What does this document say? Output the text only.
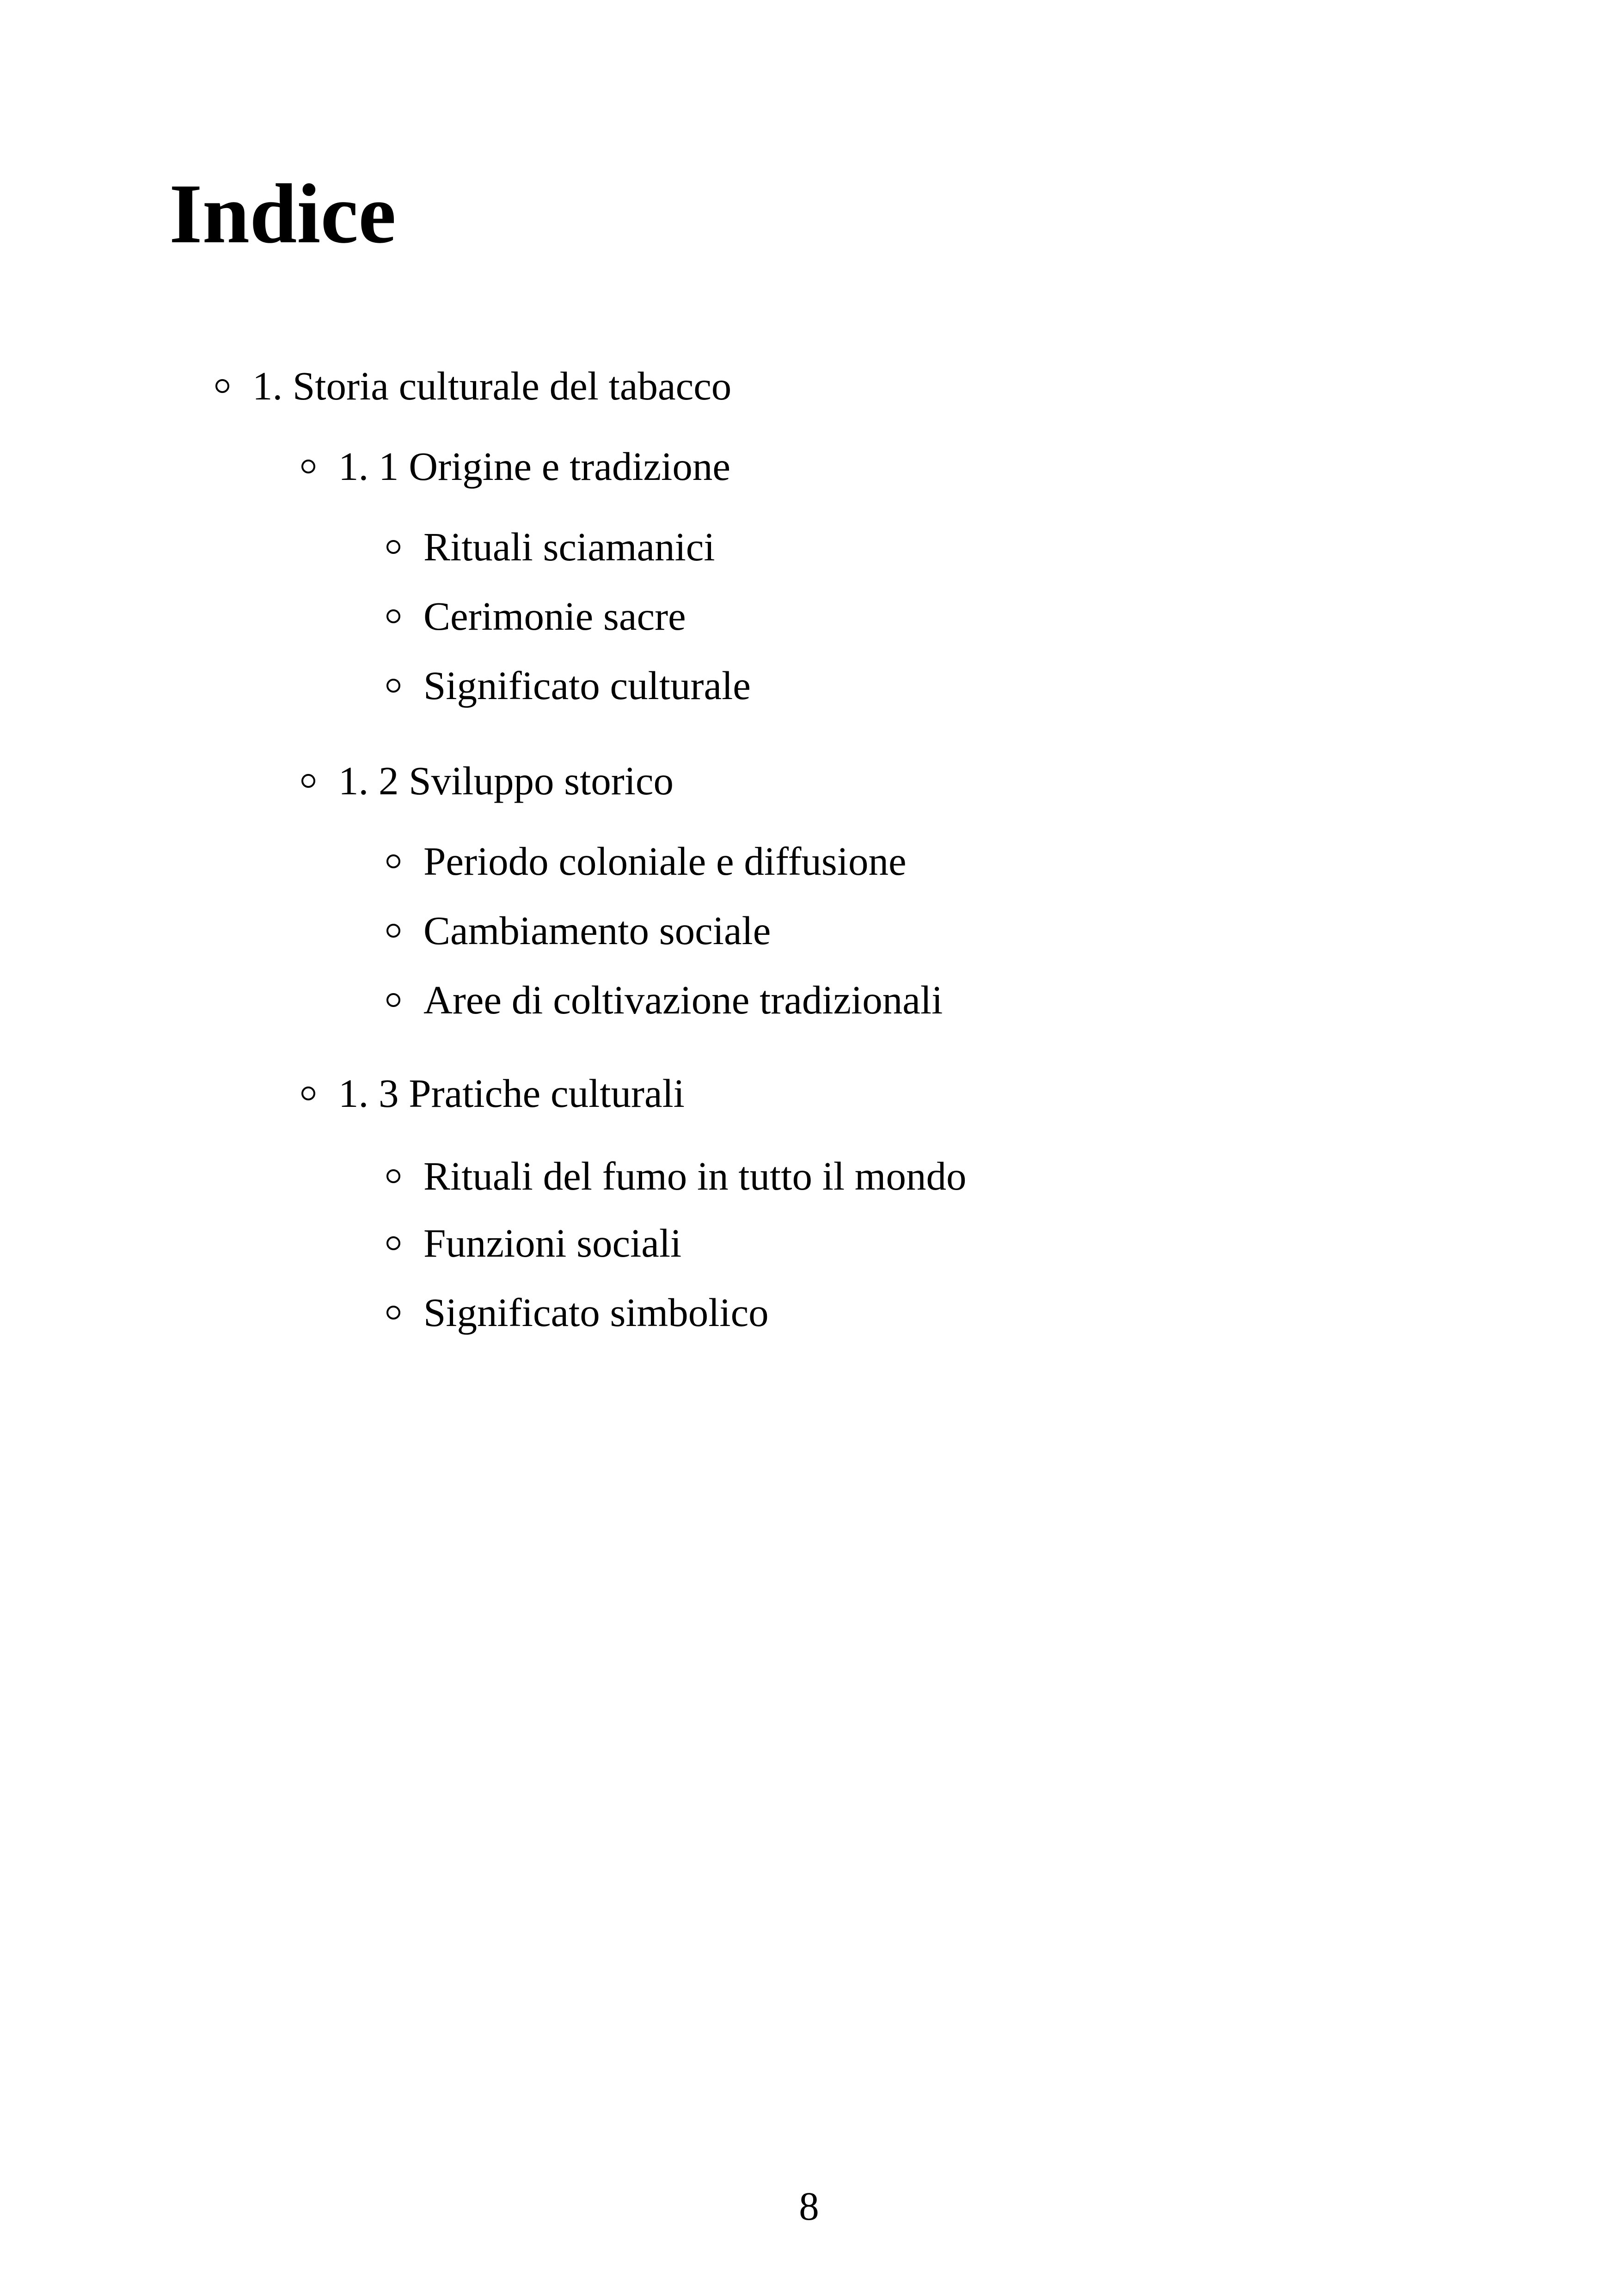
Indice
1. Storia culturale del tabacco
1. 1 Origine e tradizione
Rituali sciamanici
Cerimonie sacre
Significato culturale
1. 2 Sviluppo storico
Periodo coloniale e diffusione
Cambiamento sociale
Aree di coltivazione tradizionali
1. 3 Pratiche culturali
Rituali del fumo in tutto il mondo
Funzioni sociali
Significato simbolico
8
